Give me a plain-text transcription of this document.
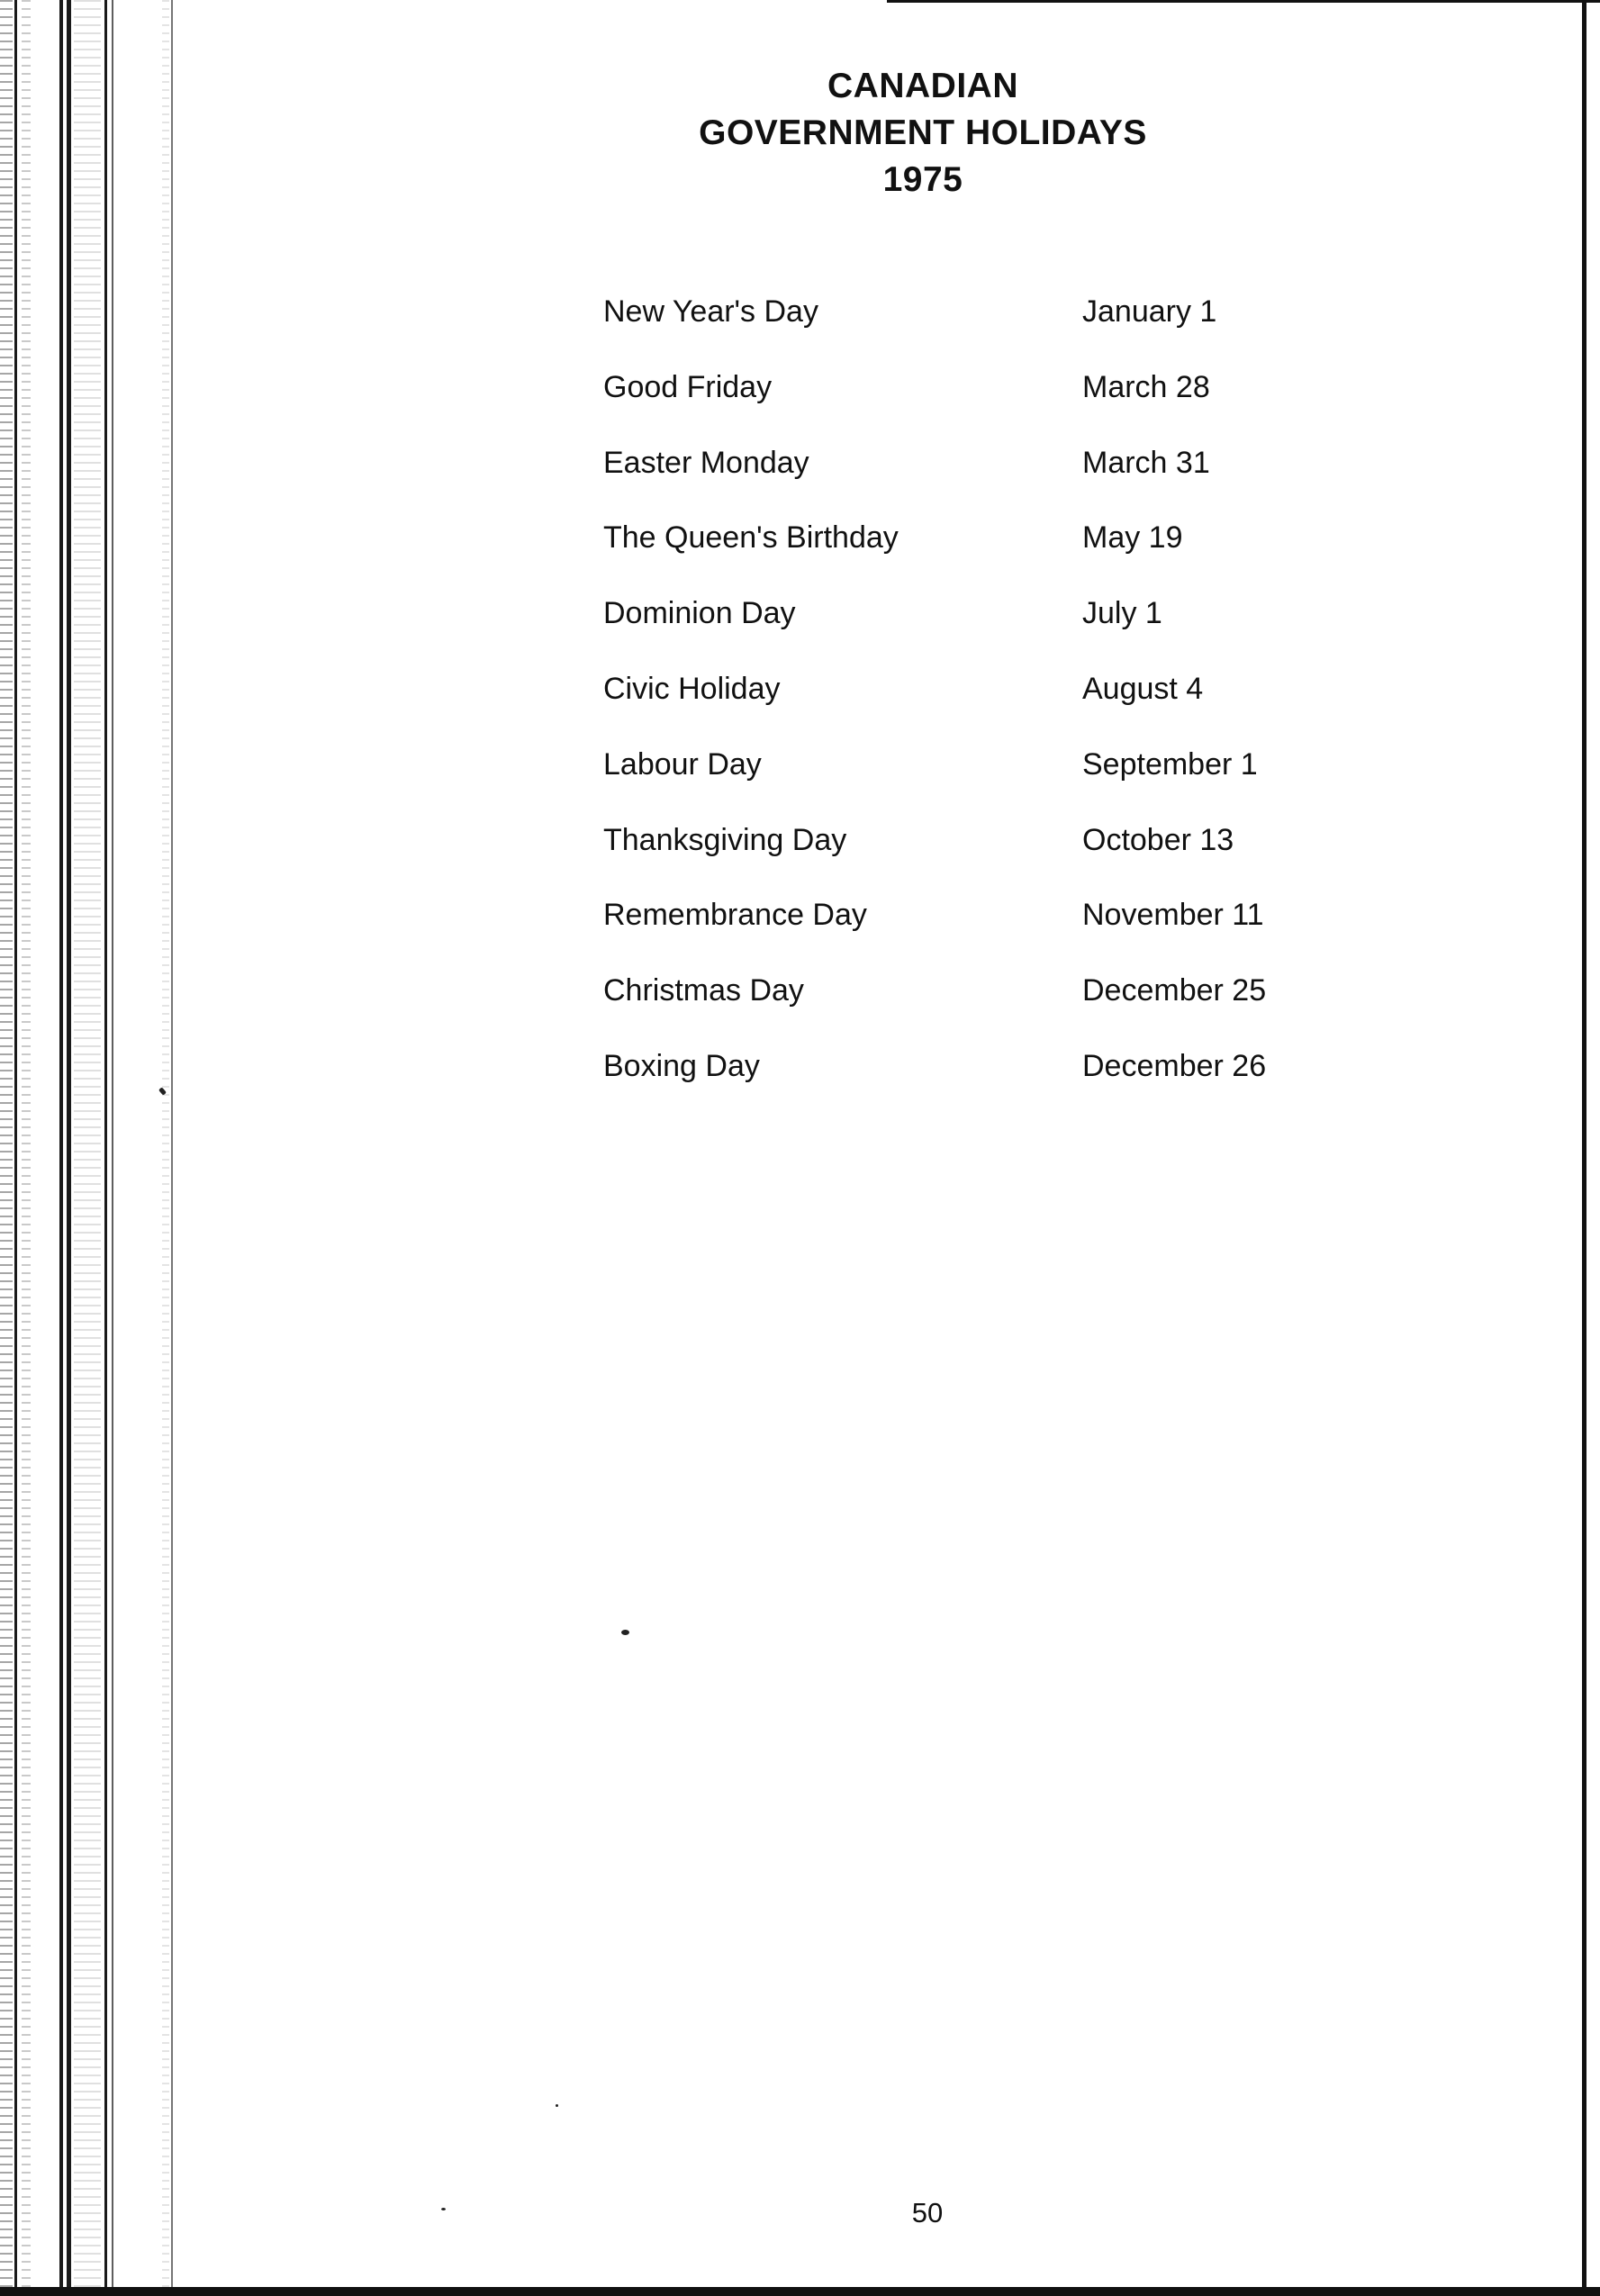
CANADIAN
GOVERNMENT HOLIDAYS
1975
New Year's Day	January 1
Good Friday	March 28
Easter Monday	March 31
The Queen's Birthday	May 19
Dominion Day	July 1
Civic Holiday	August 4
Labour Day	September 1
Thanksgiving Day	October 13
Remembrance Day	November 11
Christmas Day	December 25
Boxing Day	December 26
50
